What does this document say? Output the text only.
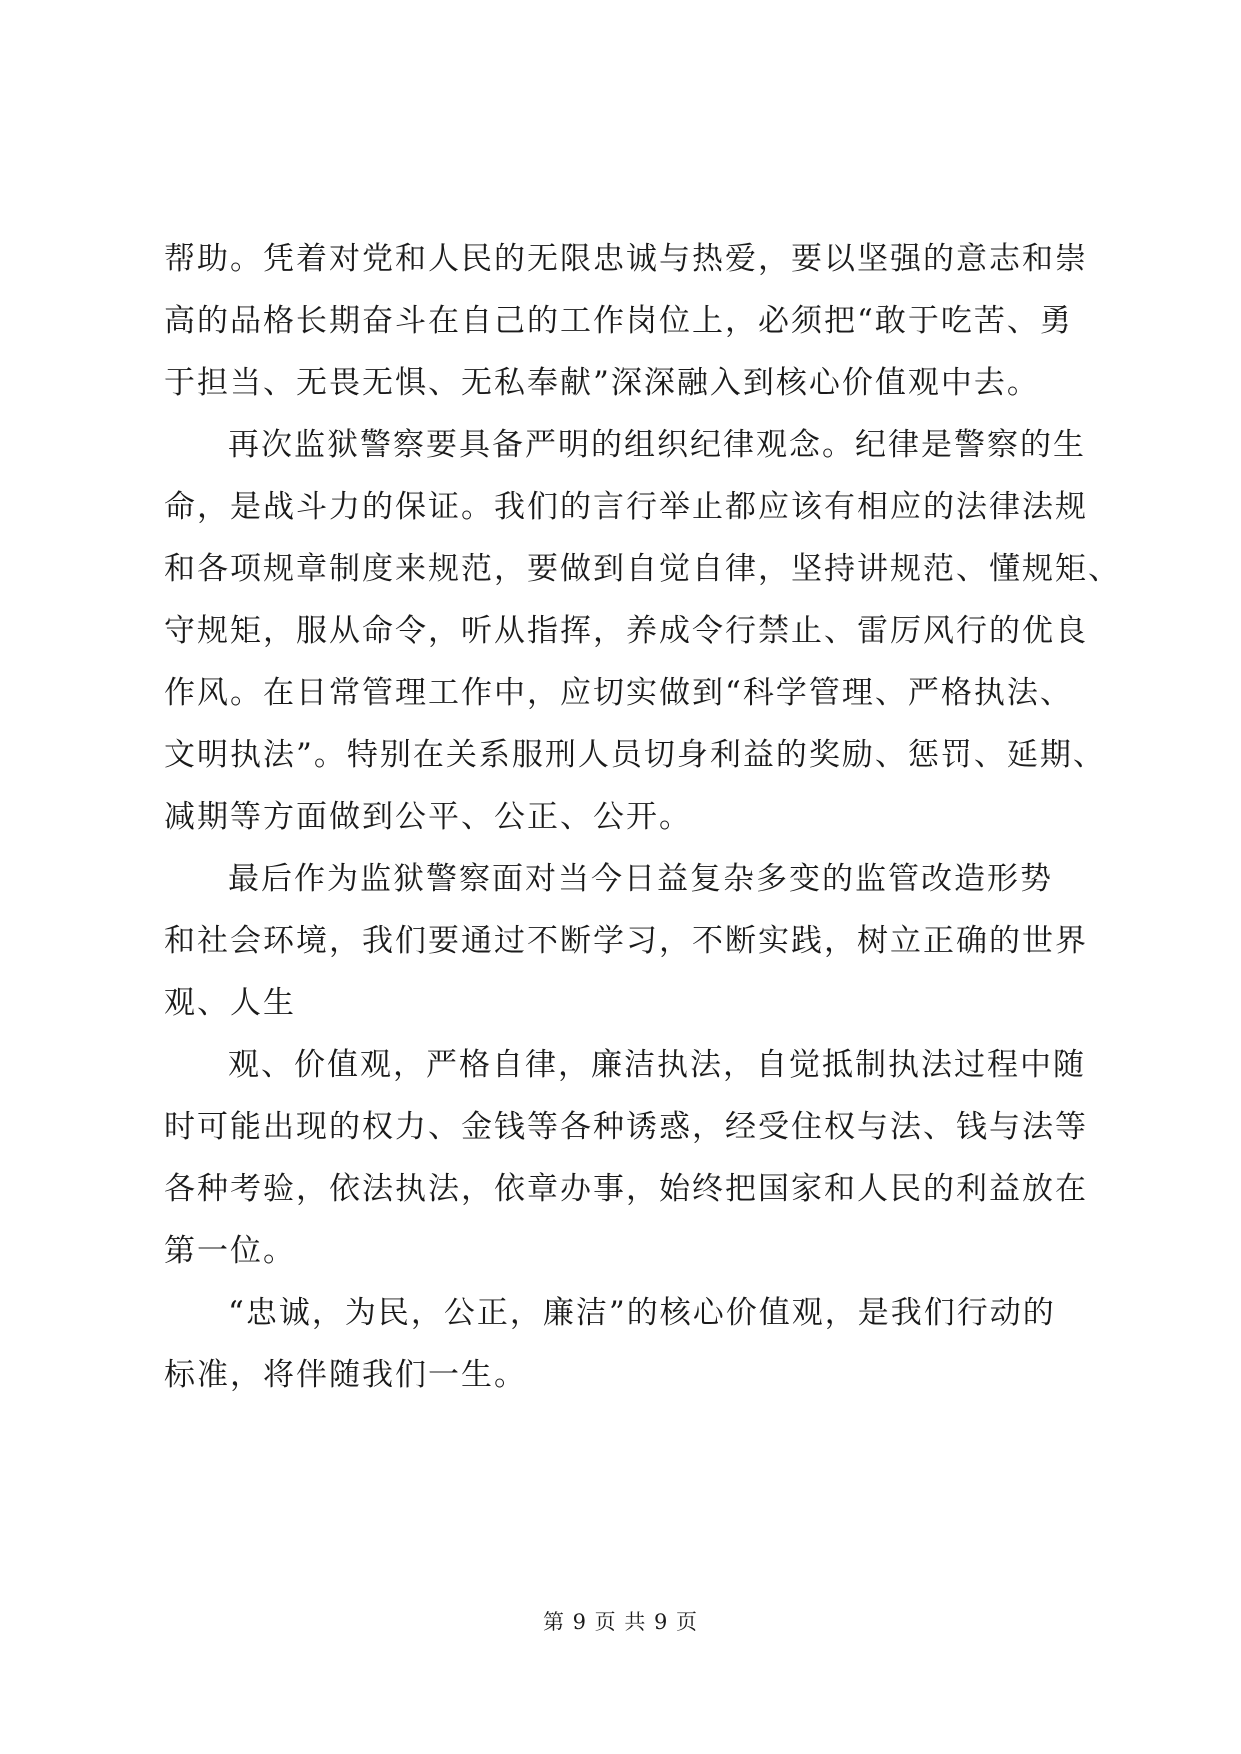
帮助。凭着对党和人民的无限忠诚与热爱，要以坚强的意志和崇

高的品格长期奋斗在自己的工作岗位上，必须把“敢于吃苦、勇

于担当、无畏无惧、无私奉献”深深融入到核心价值观中去。

再次监狱警察要具备严明的组织纪律观念。纪律是警察的生

命，是战斗力的保证。我们的言行举止都应该有相应的法律法规

和各项规章制度来规范，要做到自觉自律，坚持讲规范、懂规矩、

守规矩，服从命令，听从指挥，养成令行禁止、雷厉风行的优良

作风。在日常管理工作中，应切实做到“科学管理、严格执法、

文明执法”。特别在关系服刑人员切身利益的奖励、惩罚、延期、

减期等方面做到公平、公正、公开。

最后作为监狱警察面对当今日益复杂多变的监管改造形势

和社会环境，我们要通过不断学习，不断实践，树立正确的世界

观、人生

观、价值观，严格自律，廉洁执法，自觉抵制执法过程中随

时可能出现的权力、金钱等各种诱惑，经受住权与法、钱与法等

各种考验，依法执法，依章办事，始终把国家和人民的利益放在

第一位。

“忠诚，为民，公正，廉洁”的核心价值观，是我们行动的

标准，将伴随我们一生。

第 9 页 共 9 页
